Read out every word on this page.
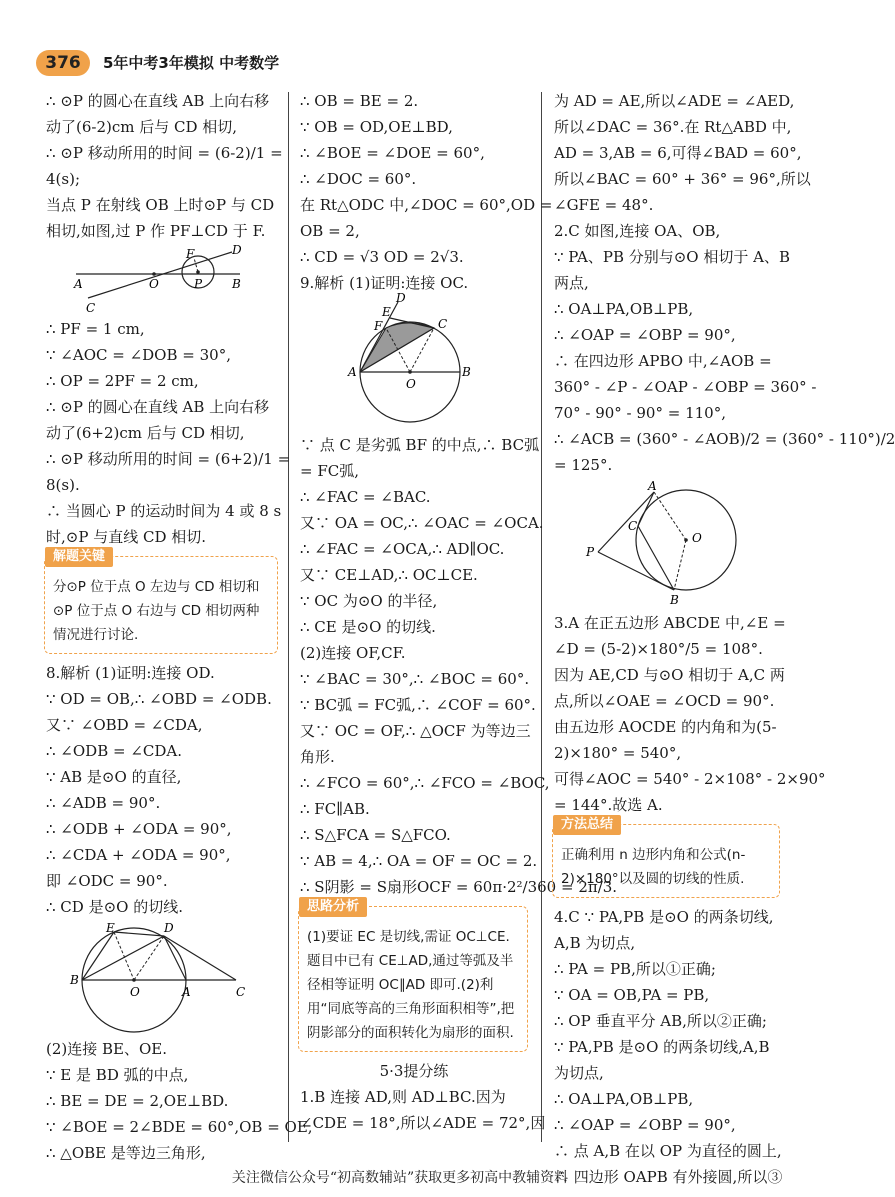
376	5年中考3年模拟 中考数学

∴ ⊙P 的圆心在直线 AB 上向右移

动了(6-2)cm 后与 CD 相切,

∴ ⊙P 移动所用的时间 = (6-2)/1 =

4(s);

当点 P 在射线 OB 上时⊙P 与 CD

相切,如图,过 P 作 PF⊥CD 于 F.

F	D
A	O	P B
C

∴ PF = 1 cm,

∵ ∠AOC = ∠DOB = 30°,

∴ OP = 2PF = 2 cm,

∴ ⊙P 的圆心在直线 AB 上向右移

动了(6+2)cm 后与 CD 相切,

∴ ⊙P 移动所用的时间 = (6+2)/1 =

8(s).

∴ 当圆心 P 的运动时间为 4 或 8 s

时,⊙P 与直线 CD 相切.

解题关键

分⊙P 位于点 O 左边与 CD 相切和⊙P 位于点 O 右边与 CD 相切两种情况进行讨论.

8.解析 (1)证明:连接 OD.

∵ OD = OB,∴ ∠OBD = ∠ODB.

又∵ ∠OBD = ∠CDA,

∴ ∠ODB = ∠CDA.

∵ AB 是⊙O 的直径,

∴ ∠ADB = 90°.

∴ ∠ODB + ∠ODA = 90°,

∴ ∠CDA + ∠ODA = 90°,

即 ∠ODC = 90°.

∴ CD 是⊙O 的切线.

E	D
B
O	A	C

(2)连接 BE、OE.

∵ E 是 BD 弧的中点,

∴ BE = DE = 2,OE⊥BD.

∵ ∠BOE = 2∠BDE = 60°,OB = OE,

∴ △OBE 是等边三角形,

∴ OB = BE = 2.

∵ OB = OD,OE⊥BD,

∴ ∠BOE = ∠DOE = 60°,

∴ ∠DOC = 60°.

在 Rt△ODC 中,∠DOC = 60°,OD =

OB = 2,

∴ CD = √3 OD = 2√3.

9.解析 (1)证明:连接 OC.

D
F
E
C
A
O
B

∵ 点 C 是劣弧 BF 的中点,∴ BC弧

= FC弧,

∴ ∠FAC = ∠BAC.

又∵ OA = OC,∴ ∠OAC = ∠OCA.

∴ ∠FAC = ∠OCA,∴ AD∥OC.

又∵ CE⊥AD,∴ OC⊥CE.

∵ OC 为⊙O 的半径,

∴ CE 是⊙O 的切线.

(2)连接 OF,CF.

∵ ∠BAC = 30°,∴ ∠BOC = 60°.

∵ BC弧 = FC弧,∴ ∠COF = 60°.

又∵ OC = OF,∴ △OCF 为等边三

角形.

∴ ∠FCO = 60°,∴ ∠FCO = ∠BOC,

∴ FC∥AB.

∴ S△FCA = S△FCO.

∵ AB = 4,∴ OA = OF = OC = 2.

∴ S阴影 = S扇形OCF = 60π·2²/360 = 2π/3.

思路分析

(1)要证 EC 是切线,需证 OC⊥CE.题目中已有 CE⊥AD,通过等弧及半径相等证明 OC∥AD 即可.(2)利用“同底等高的三角形面积相等”,把阴影部分的面积转化为扇形的面积.

5·3提分练

1.B 连接 AD,则 AD⊥BC.因为

∠CDE = 18°,所以∠ADE = 72°,因

为 AD = AE,所以∠ADE = ∠AED,

所以∠DAC = 36°.在 Rt△ABD 中,

AD = 3,AB = 6,可得∠BAD = 60°,

所以∠BAC = 60° + 36° = 96°,所以

∠GFE = 48°.

2.C 如图,连接 OA、OB,

∵ PA、PB 分别与⊙O 相切于 A、B

两点,

∴ OA⊥PA,OB⊥PB,

∴ ∠OAP = ∠OBP = 90°,

∴ 在四边形 APBO 中,∠AOB =

360° - ∠P - ∠OAP - ∠OBP = 360° -

70° - 90° - 90° = 110°,

∴ ∠ACB = (360° - ∠AOB)/2 = (360° - 110°)/2

= 125°.

A
C
O
P
B

3.A 在正五边形 ABCDE 中,∠E =

∠D = (5-2)×180°/5 = 108°.

因为 AE,CD 与⊙O 相切于 A,C 两

点,所以∠OAE = ∠OCD = 90°.

由五边形 AOCDE 的内角和为(5-

2)×180° = 540°,

可得∠AOC = 540° - 2×108° - 2×90°

= 144°.故选 A.

方法总结

正确利用 n 边形内角和公式(n-2)×180°以及圆的切线的性质.

4.C ∵ PA,PB 是⊙O 的两条切线,

A,B 为切点,

∴ PA = PB,所以①正确;

∵ OA = OB,PA = PB,

∴ OP 垂直平分 AB,所以②正确;

∵ PA,PB 是⊙O 的两条切线,A,B

为切点,

∴ OA⊥PA,OB⊥PB,

∴ ∠OAP = ∠OBP = 90°,

∴ 点 A,B 在以 OP 为直径的圆上,

∴ 四边形 OAPB 有外接圆,所以③

关注微信公众号“初高数辅站”获取更多初高中教辅资料
